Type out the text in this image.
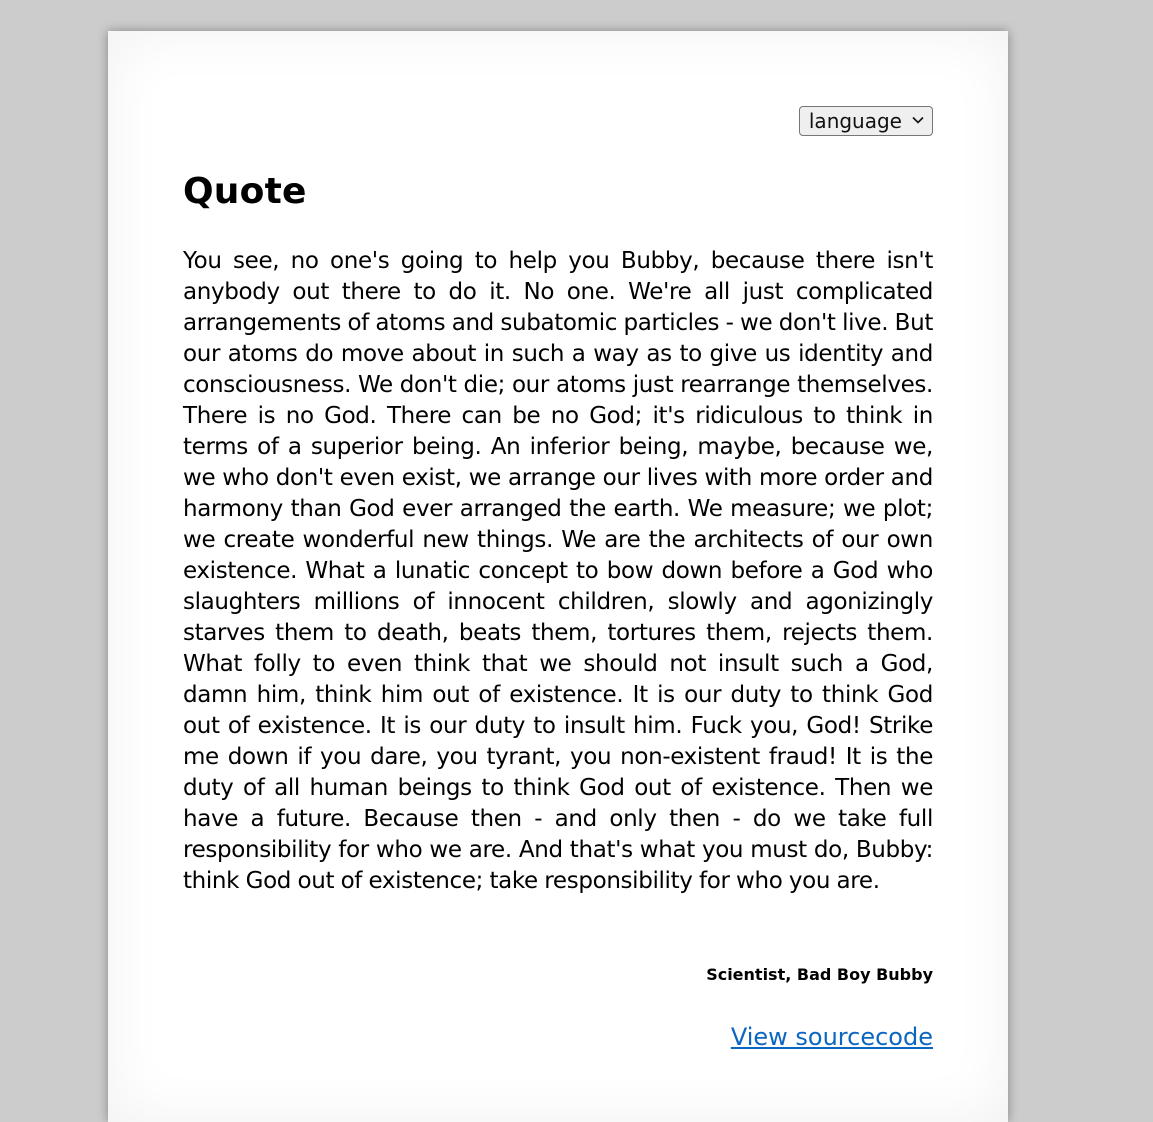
language
Quote

You see, no one's going to help you Bubby, because there isn't anybody out there to do it. No one. We're all just complicated arrangements of atoms and subatomic particles - we don't live. But our atoms do move about in such a way as to give us identity and consciousness. We don't die; our atoms just rearrange themselves. There is no God. There can be no God; it's ridiculous to think in terms of a superior being. An inferior being, maybe, because we, we who don't even exist, we arrange our lives with more order and harmony than God ever arranged the earth. We measure; we plot; we create wonderful new things. We are the architects of our own existence. What a lunatic concept to bow down before a God who slaughters millions of innocent children, slowly and agonizingly starves them to death, beats them, tortures them, rejects them. What folly to even think that we should not insult such a God, damn him, think him out of existence. It is our duty to think God out of existence. It is our duty to insult him. Fuck you, God! Strike me down if you dare, you tyrant, you non-existent fraud! It is the duty of all human beings to think God out of existence. Then we have a future. Because then - and only then - do we take full responsibility for who we are. And that's what you must do, Bubby: think God out of existence; take responsibility for who you are.

Scientist, Bad Boy Bubby
View sourcecode
